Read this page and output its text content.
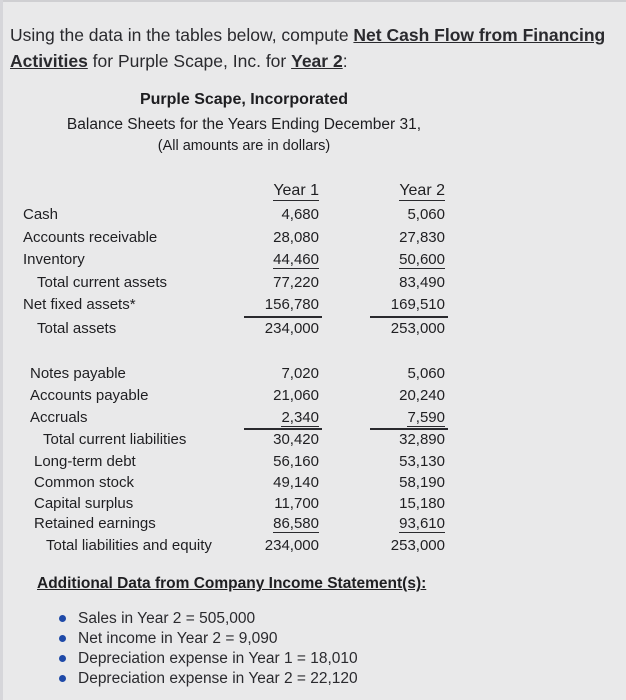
Using the data in the tables below, compute Net Cash Flow from Financing
Activities for Purple Scape, Inc. for Year 2:
Purple Scape, Incorporated
Balance Sheets for the Years Ending December 31,
(All amounts are in dollars)
Year 1	Year 2
Cash	4,680	5,060
Accounts receivable	28,080	27,830
Inventory	44,460	50,600
Total current assets	77,220	83,490
Net fixed assets*	156,780	169,510
Total assets	234,000	253,000
Notes payable	7,020	5,060
Accounts payable	21,060	20,240
Accruals	2,340	7,590
Total current liabilities	30,420	32,890
Long-term debt	56,160	53,130
Common stock	49,140	58,190
Capital surplus	11,700	15,180
Retained earnings	86,580	93,610
Total liabilities and equity	234,000	253,000
Additional Data from Company Income Statement(s):
Sales in Year 2 = 505,000
Net income in Year 2 = 9,090
Depreciation expense in Year 1 = 18,010
Depreciation expense in Year 2 = 22,120
